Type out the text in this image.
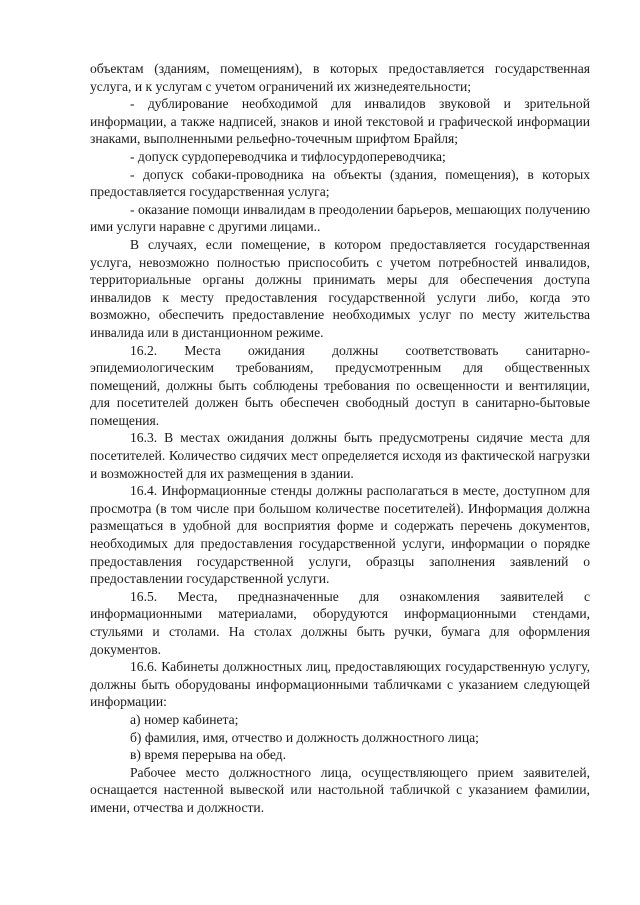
объектам (зданиям, помещениям), в которых предоставляется государственная услуга, и к услугам с учетом ограничений их жизнедеятельности;

- дублирование необходимой для инвалидов звуковой и зрительной информации, а также надписей, знаков и иной текстовой и графической информации знаками, выполненными рельефно-точечным шрифтом Брайля;

- допуск сурдопереводчика и тифлосурдопереводчика;

- допуск собаки-проводника на объекты (здания, помещения), в которых предоставляется государственная услуга;

- оказание помощи инвалидам в преодолении барьеров, мешающих получению ими услуги наравне с другими лицами..

В случаях, если помещение, в котором предоставляется государственная услуга, невозможно полностью приспособить с учетом потребностей инвалидов, территориальные органы должны принимать меры для обеспечения доступа инвалидов к месту предоставления государственной услуги либо, когда это возможно, обеспечить предоставление необходимых услуг по месту жительства инвалида или в дистанционном режиме.

16.2. Места ожидания должны соответствовать санитарно-эпидемиологическим требованиям, предусмотренным для общественных помещений, должны быть соблюдены требования по освещенности и вентиляции, для посетителей должен быть обеспечен свободный доступ в санитарно-бытовые помещения.

16.3. В местах ожидания должны быть предусмотрены сидячие места для посетителей. Количество сидячих мест определяется исходя из фактической нагрузки и возможностей для их размещения в здании.

16.4. Информационные стенды должны располагаться в месте, доступном для просмотра (в том числе при большом количестве посетителей). Информация должна размещаться в удобной для восприятия форме и содержать перечень документов, необходимых для предоставления государственной услуги, информации о порядке предоставления государственной услуги, образцы заполнения заявлений о предоставлении государственной услуги.

16.5. Места, предназначенные для ознакомления заявителей с информационными материалами, оборудуются информационными стендами, стульями и столами. На столах должны быть ручки, бумага для оформления документов.

16.6. Кабинеты должностных лиц, предоставляющих государственную услугу, должны быть оборудованы информационными табличками с указанием следующей информации:

а) номер кабинета;

б) фамилия, имя, отчество и должность должностного лица;

в) время перерыва на обед.

Рабочее место должностного лица, осуществляющего прием заявителей, оснащается настенной вывеской или настольной табличкой с указанием фамилии, имени, отчества и должности.
